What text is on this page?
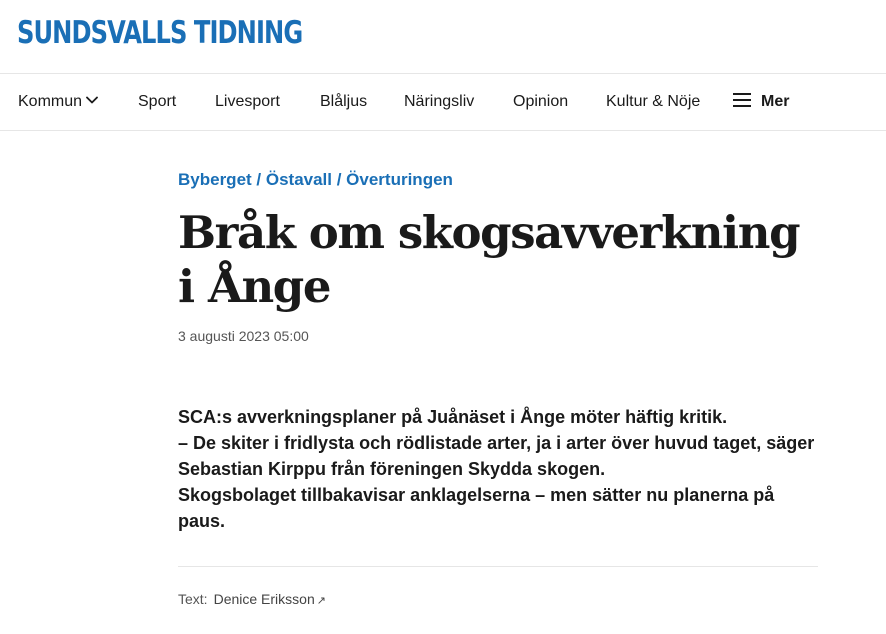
SUNDSVALLS TIDNING
Kommun	Sport Livesport	Blåljus Näringsliv Opinion Kultur & Nöje	Mer
Byberget / Östavall / Överturingen
Bråk om skogsavverkning i Ånge
3 augusti 2023 05:00

SCA:s avverkningsplaner på Juånäset i Ånge möter häftig kritik.

– De skiter i fridlysta och rödlistade arter, ja i arter över huvud taget, säger Sebastian Kirppu från föreningen Skydda skogen.

Skogsbolaget tillbakavisar anklagelserna – men sätter nu planerna på paus.

Text: Denice Eriksson ↗
